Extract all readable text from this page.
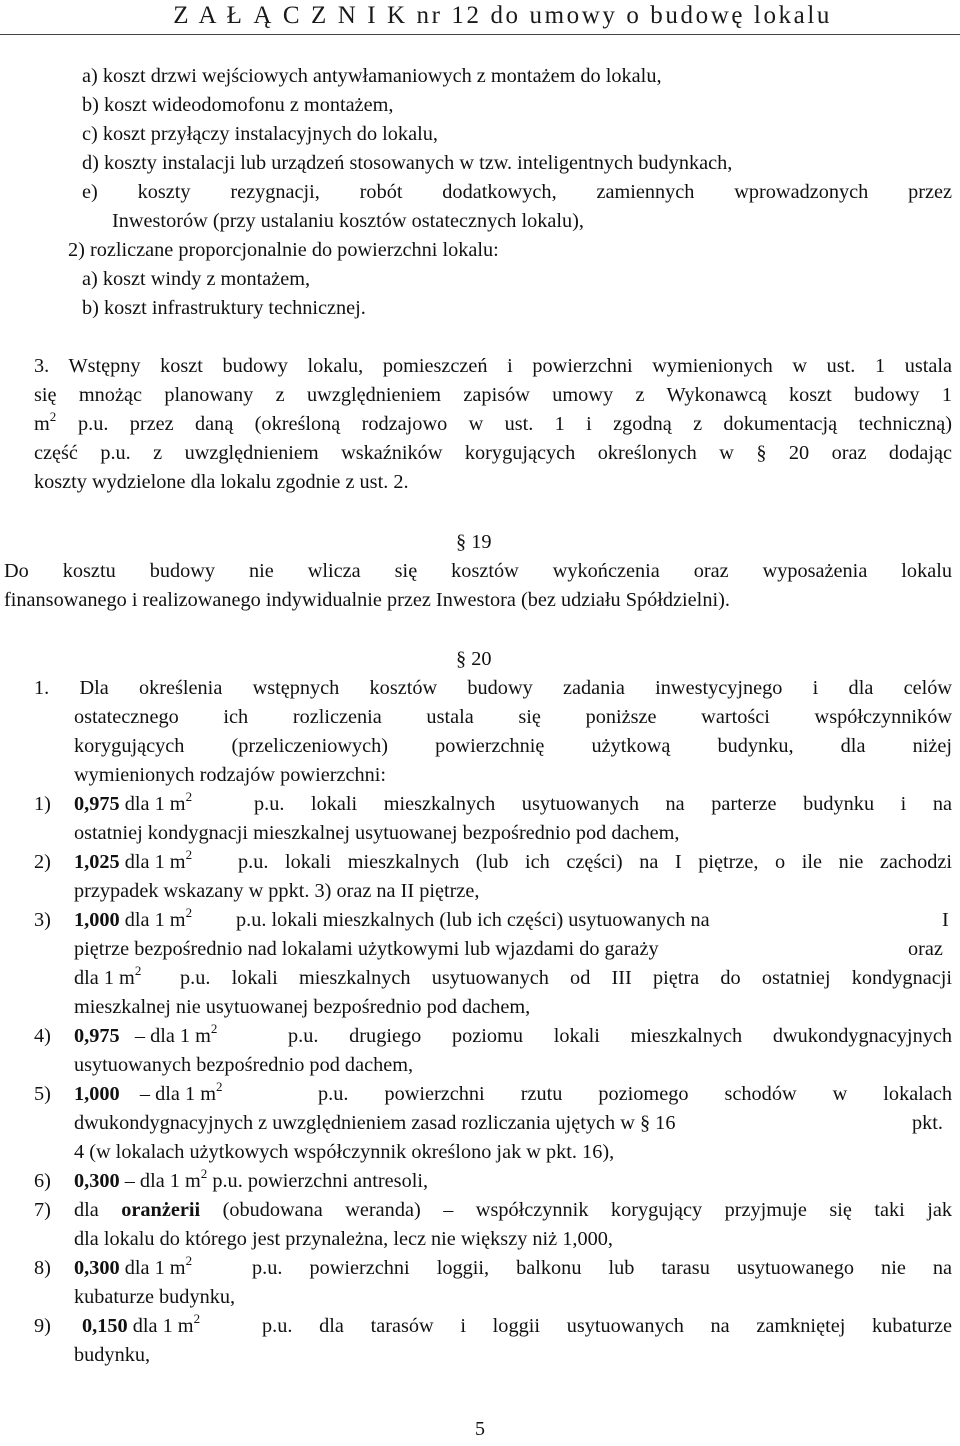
Z A Ł Ą C Z N I K nr 12 do umowy o budowę lokalu
a) koszt drzwi wejściowych antywłamaniowych z montażem do lokalu,
b) koszt wideodomofonu z montażem,
c) koszt przyłączy instalacyjnych do lokalu,
d) koszty instalacji lub urządzeń stosowanych w tzw. inteligentnych budynkach,
e) koszty rezygnacji, robót dodatkowych, zamiennych wprowadzonych przez
Inwestorów (przy ustalaniu kosztów ostatecznych lokalu),
2) rozliczane proporcjonalnie do powierzchni lokalu:
a) koszt windy z montażem,
b) koszt infrastruktury technicznej.
3. Wstępny koszt budowy lokalu, pomieszczeń i powierzchni wymienionych w ust. 1 ustala
się mnożąc planowany z uwzględnieniem zapisów umowy z Wykonawcą koszt budowy 1
$m^2$ p.u. przez daną (określoną rodzajowo w ust. 1 i zgodną z dokumentacją techniczną)
część p.u. z uwzględnieniem wskaźników korygujących określonych w § 20 oraz dodając
koszty wydzielone dla lokalu zgodnie z ust. 2.
§ 19
Do kosztu budowy nie wlicza się kosztów wykończenia oraz wyposażenia lokalu
finansowanego i realizowanego indywidualnie przez Inwestora (bez udziału Spółdzielni).
§ 20
1. Dla określenia wstępnych kosztów budowy zadania inwestycyjnego i dla celów
ostatecznego ich rozliczenia ustala się poniższe wartości współczynników
korygujących (przeliczeniowych) powierzchnię użytkową budynku, dla niżej
wymienionych rodzajów powierzchni:
1) 0,975 dla 1 $m^2$	p.u. lokali mieszkalnych usytuowanych na parterze budynku i na
ostatniej kondygnacji mieszkalnej usytuowanej bezpośrednio pod dachem,
2) 1,025 dla 1 $m^2$ p.u. lokali mieszkalnych (lub ich części) na I piętrze, o ile nie zachodzi
przypadek wskazany w ppkt. 3) oraz na II piętrze,
3) 1,000 dla 1 $m^2$ p.u. lokali mieszkalnych (lub ich części) usytuowanych na	I
piętrze bezpośrednio nad lokalami użytkowymi lub wjazdami do garaży	oraz
dla 1 $m^2$ p.u. lokali mieszkalnych usytuowanych od III piętra do ostatniej kondygnacji
mieszkalnej nie usytuowanej bezpośrednio pod dachem,
4) 0,975 – dla 1 $m^2$	p.u. drugiego poziomu lokali mieszkalnych dwukondygnacyjnych
usytuowanych bezpośrednio pod dachem,
5) 1,000 – dla 1 $m^2$	p.u. powierzchni rzutu poziomego schodów w lokalach
dwukondygnacyjnych z uwzględnieniem zasad rozliczania ujętych w § 16	pkt.
4 (w lokalach użytkowych współczynnik określono jak w pkt. 16),
6) 0,300 – dla 1 $m^2$ p.u. powierzchni antresoli,
7) dla oranżerii (obudowana weranda) – współczynnik korygujący przyjmuje się taki jak
dla lokalu do którego jest przynależna, lecz nie większy niż 1,000,
8) 0,300 dla 1 $m^2$	p.u. powierzchni loggii, balkonu lub tarasu usytuowanego nie na
kubaturze budynku,
9) 0,150 dla 1 $m^2$	p.u. dla tarasów i loggii usytuowanych na zamkniętej kubaturze
budynku,
5
